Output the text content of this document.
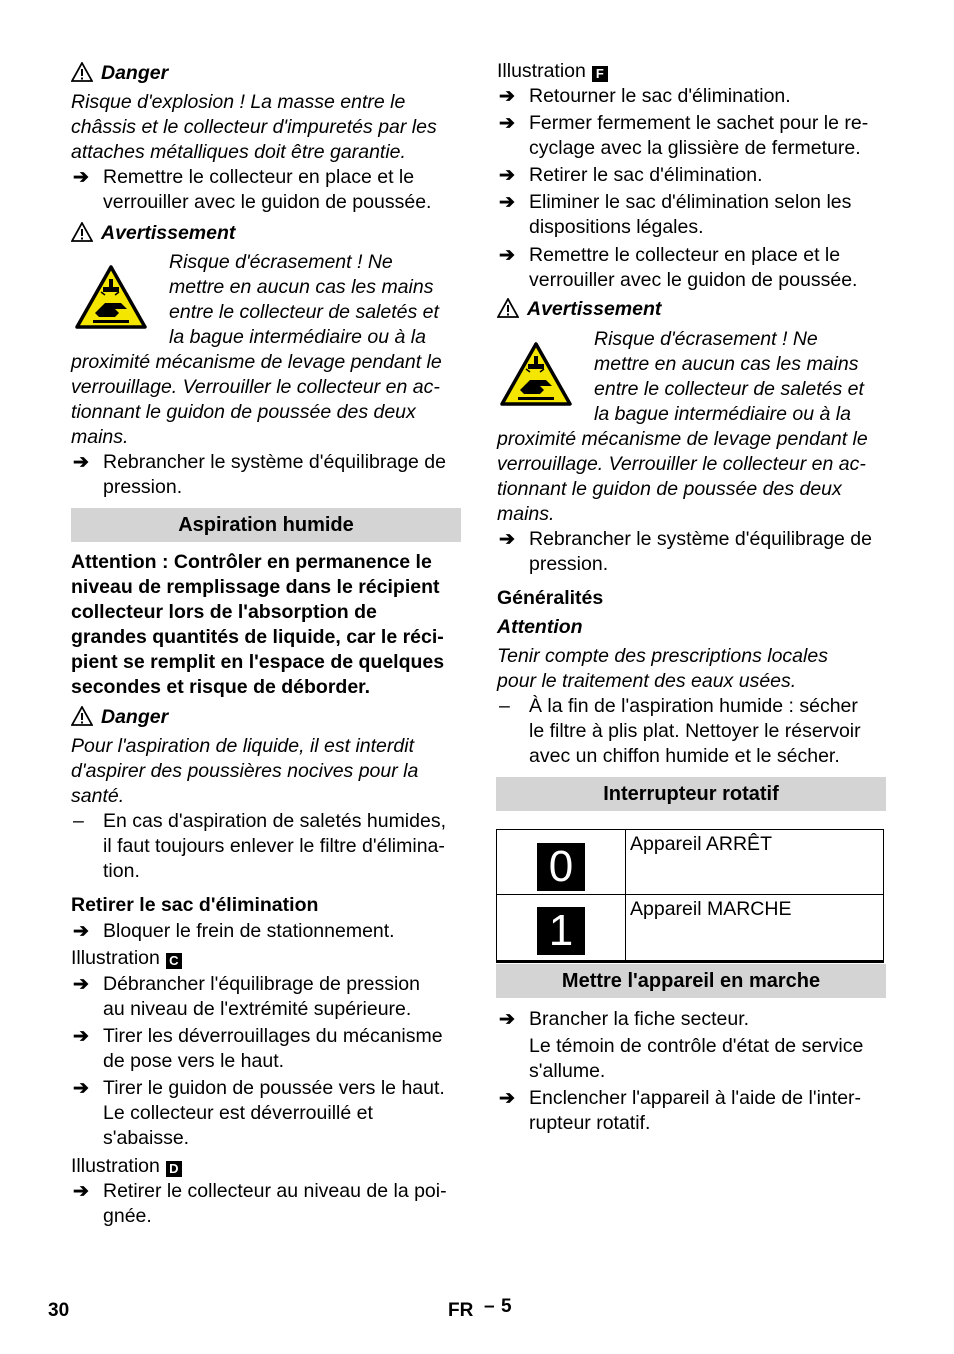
Danger
Risque d'explosion ! La masse entre le
châssis et le collecteur d'impuretés par les
attaches métalliques doit être garantie.
➔ Remettre le collecteur en place et le
verrouiller avec le guidon de poussée.
Avertissement
Risque d'écrasement ! Ne
mettre en aucun cas les mains
entre le collecteur de saletés et
la bague intermédiaire ou à la
proximité mécanisme de levage pendant le
verrouillage. Verrouiller le collecteur en ac-
tionnant le guidon de poussée des deux
mains.
➔ Rebrancher le système d'équilibrage de
pression.
Aspiration humide
Attention : Contrôler en permanence le
niveau de remplissage dans le récipient
collecteur lors de l'absorption de
grandes quantités de liquide, car le réci-
pient se remplit en l'espace de quelques
secondes et risque de déborder.
Danger
Pour l'aspiration de liquide, il est interdit
d'aspirer des poussières nocives pour la
santé.
– En cas d'aspiration de saletés humides,
il faut toujours enlever le filtre d'élimina-
tion.
Retirer le sac d'élimination
➔ Bloquer le frein de stationnement.
Illustration C
➔ Débrancher l'équilibrage de pression
au niveau de l'extrémité supérieure.
➔ Tirer les déverrouillages du mécanisme
de pose vers le haut.
➔ Tirer le guidon de poussée vers le haut.
Le collecteur est déverrouillé et
s'abaisse.
Illustration D
➔ Retirer le collecteur au niveau de la poi-
gnée.
Illustration F
➔ Retourner le sac d'élimination.
➔ Fermer fermement le sachet pour le re-
cyclage avec la glissière de fermeture.
➔ Retirer le sac d'élimination.
➔ Eliminer le sac d'élimination selon les
dispositions légales.
➔ Remettre le collecteur en place et le
verrouiller avec le guidon de poussée.
Avertissement
Risque d'écrasement ! Ne
mettre en aucun cas les mains
entre le collecteur de saletés et
la bague intermédiaire ou à la
proximité mécanisme de levage pendant le
verrouillage. Verrouiller le collecteur en ac-
tionnant le guidon de poussée des deux
mains.
➔ Rebrancher le système d'équilibrage de
pression.
Généralités
Attention
Tenir compte des prescriptions locales
pour le traitement des eaux usées.
– À la fin de l'aspiration humide : sécher
le filtre à plis plat. Nettoyer le réservoir
avec un chiffon humide et le sécher.
Interrupteur rotatif
0	Appareil ARRÊT
1	Appareil MARCHE
Mettre l'appareil en marche
➔ Brancher la fiche secteur.
Le témoin de contrôle d'état de service
s'allume.
➔ Enclencher l'appareil à l'aide de l'inter-
rupteur rotatif.
30	FR – 5
